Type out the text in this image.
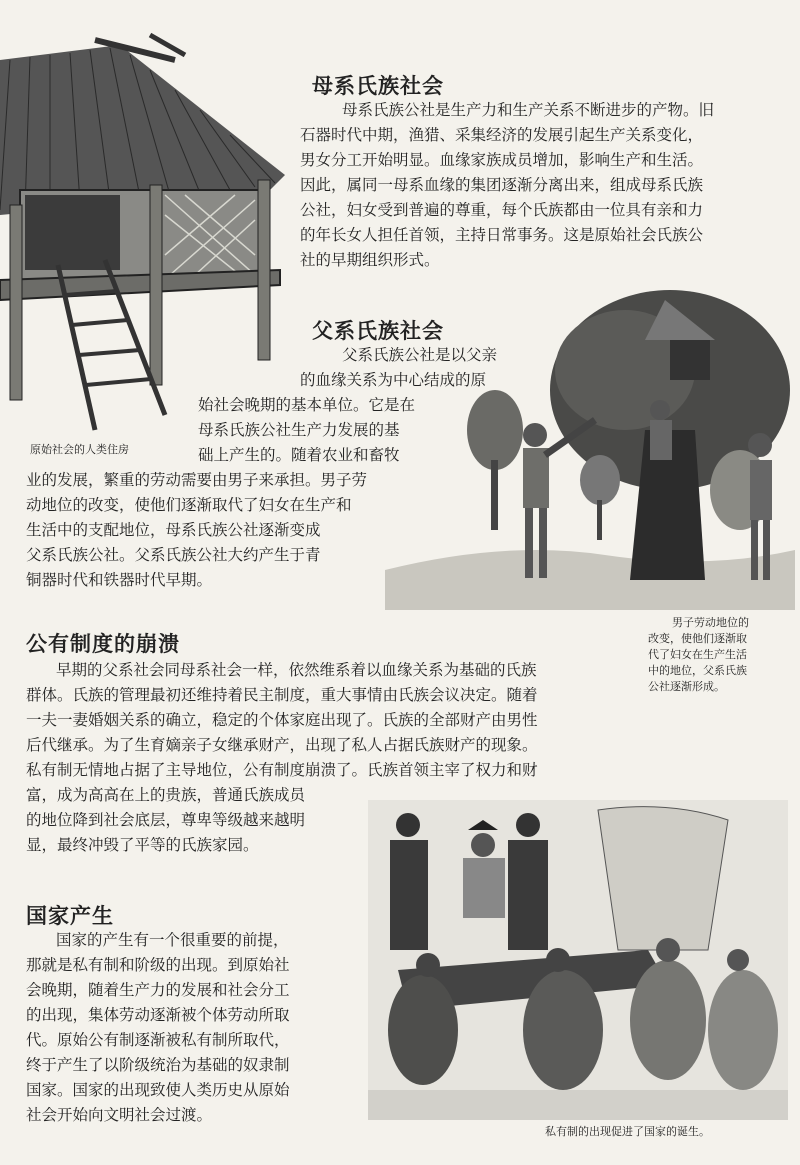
原始社会的人类住房
母系氏族社会
母系氏族公社是生产力和生产关系不断进步的产物。旧
石器时代中期，渔猎、采集经济的发展引起生产关系变化，
男女分工开始明显。血缘家族成员增加，影响生产和生活。
因此，属同一母系血缘的集团逐渐分离出来，组成母系氏族
公社，妇女受到普遍的尊重，每个氏族都由一位具有亲和力
的年长女人担任首领，主持日常事务。这是原始社会氏族公
社的早期组织形式。
父系氏族社会
父系氏族公社是以父亲
的血缘关系为中心结成的原
始社会晚期的基本单位。它是在
母系氏族公社生产力发展的基
础上产生的。随着农业和畜牧
业的发展，繁重的劳动需要由男子来承担。男子劳
动地位的改变，使他们逐渐取代了妇女在生产和
生活中的支配地位，母系氏族公社逐渐变成
父系氏族公社。父系氏族公社大约产生于青
铜器时代和铁器时代早期。
男子劳动地位的
改变，使他们逐渐取
代了妇女在生产生活
中的地位，父系氏族
公社逐渐形成。
公有制度的崩溃
早期的父系社会同母系社会一样，依然维系着以血缘关系为基础的氏族
群体。氏族的管理最初还维持着民主制度，重大事情由氏族会议决定。随着
一夫一妻婚姻关系的确立，稳定的个体家庭出现了。氏族的全部财产由男性
后代继承。为了生育嫡亲子女继承财产，出现了私人占据氏族财产的现象。
私有制无情地占据了主导地位，公有制度崩溃了。氏族首领主宰了权力和财
富，成为高高在上的贵族，普通氏族成员
的地位降到社会底层，尊卑等级越来越明
显，最终冲毁了平等的氏族家园。
私有制的出现促进了国家的诞生。
国家产生
国家的产生有一个很重要的前提，
那就是私有制和阶级的出现。到原始社
会晚期，随着生产力的发展和社会分工
的出现，集体劳动逐渐被个体劳动所取
代。原始公有制逐渐被私有制所取代，
终于产生了以阶级统治为基础的奴隶制
国家。国家的出现致使人类历史从原始
社会开始向文明社会过渡。
